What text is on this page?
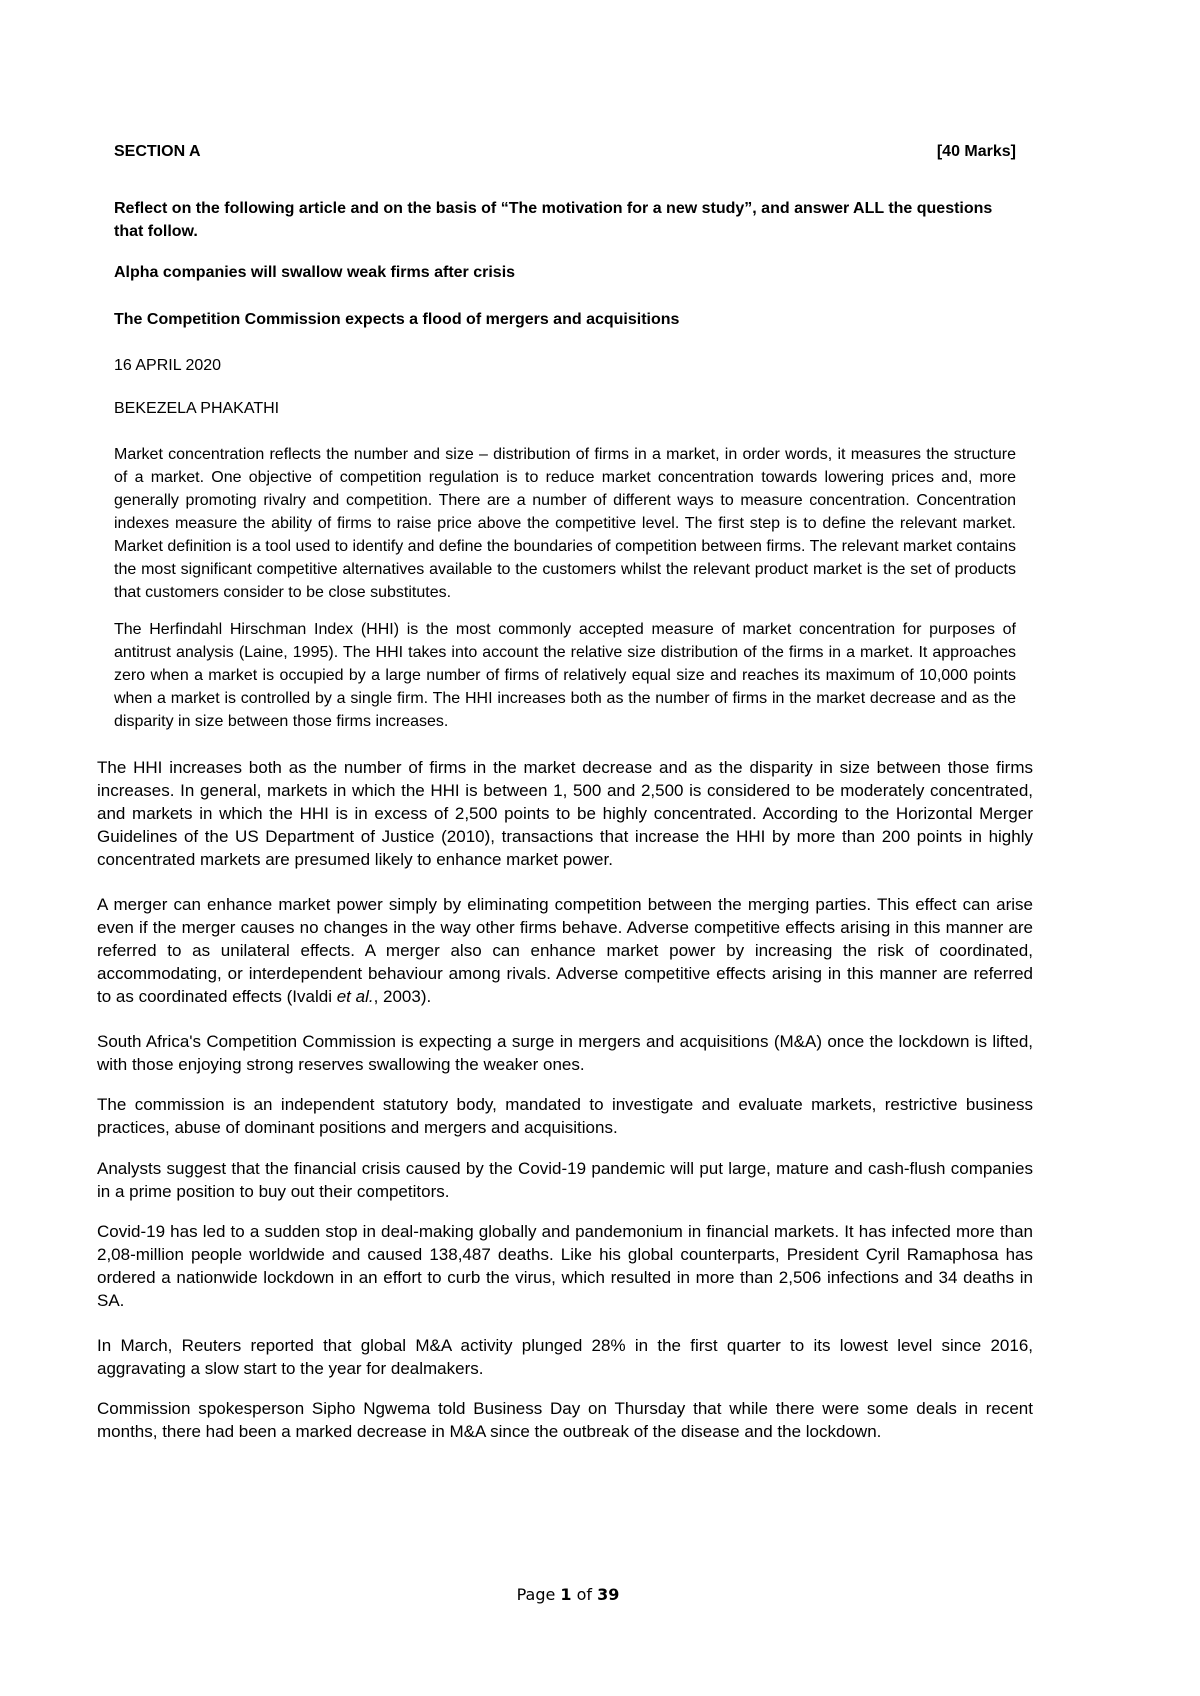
SECTION A	[40 Marks]
Reflect on the following article and on the basis of “The motivation for a new study”, and answer ALL the questions that follow.
Alpha companies will swallow weak firms after crisis
The Competition Commission expects a flood of mergers and acquisitions
16 APRIL 2020
BEKEZELA PHAKATHI
Market concentration reflects the number and size – distribution of firms in a market, in order words, it measures the structure of a market. One objective of competition regulation is to reduce market concentration towards lowering prices and, more generally promoting rivalry and competition. There are a number of different ways to measure concentration. Concentration indexes measure the ability of firms to raise price above the competitive level. The first step is to define the relevant market. Market definition is a tool used to identify and define the boundaries of competition between firms. The relevant market contains the most significant competitive alternatives available to the customers whilst the relevant product market is the set of products that customers consider to be close substitutes.
The Herfindahl Hirschman Index (HHI) is the most commonly accepted measure of market concentration for purposes of antitrust analysis (Laine, 1995). The HHI takes into account the relative size distribution of the firms in a market. It approaches zero when a market is occupied by a large number of firms of relatively equal size and reaches its maximum of 10,000 points when a market is controlled by a single firm. The HHI increases both as the number of firms in the market decrease and as the disparity in size between those firms increases.
The HHI increases both as the number of firms in the market decrease and as the disparity in size between those firms increases. In general, markets in which the HHI is between 1, 500 and 2,500 is considered to be moderately concentrated, and markets in which the HHI is in excess of 2,500 points to be highly concentrated. According to the Horizontal Merger Guidelines of the US Department of Justice (2010), transactions that increase the HHI by more than 200 points in highly concentrated markets are presumed likely to enhance market power.
A merger can enhance market power simply by eliminating competition between the merging parties. This effect can arise even if the merger causes no changes in the way other firms behave. Adverse competitive effects arising in this manner are referred to as unilateral effects. A merger also can enhance market power by increasing the risk of coordinated, accommodating, or interdependent behaviour among rivals. Adverse competitive effects arising in this manner are referred to as coordinated effects (Ivaldi et al., 2003).
South Africa's Competition Commission is expecting a surge in mergers and acquisitions (M&A) once the lockdown is lifted, with those enjoying strong reserves swallowing the weaker ones.
The commission is an independent statutory body, mandated to investigate and evaluate markets, restrictive business practices, abuse of dominant positions and mergers and acquisitions.
Analysts suggest that the financial crisis caused by the Covid-19 pandemic will put large, mature and cash-flush companies in a prime position to buy out their competitors.
Covid-19 has led to a sudden stop in deal-making globally and pandemonium in financial markets. It has infected more than 2,08-million people worldwide and caused 138,487 deaths. Like his global counterparts, President Cyril Ramaphosa has ordered a nationwide lockdown in an effort to curb the virus, which resulted in more than 2,506 infections and 34 deaths in SA.
In March, Reuters reported that global M&A activity plunged 28% in the first quarter to its lowest level since 2016, aggravating a slow start to the year for dealmakers.
Commission spokesperson Sipho Ngwema told Business Day on Thursday that while there were some deals in recent months, there had been a marked decrease in M&A since the outbreak of the disease and the lockdown.
Page 1 of 39
